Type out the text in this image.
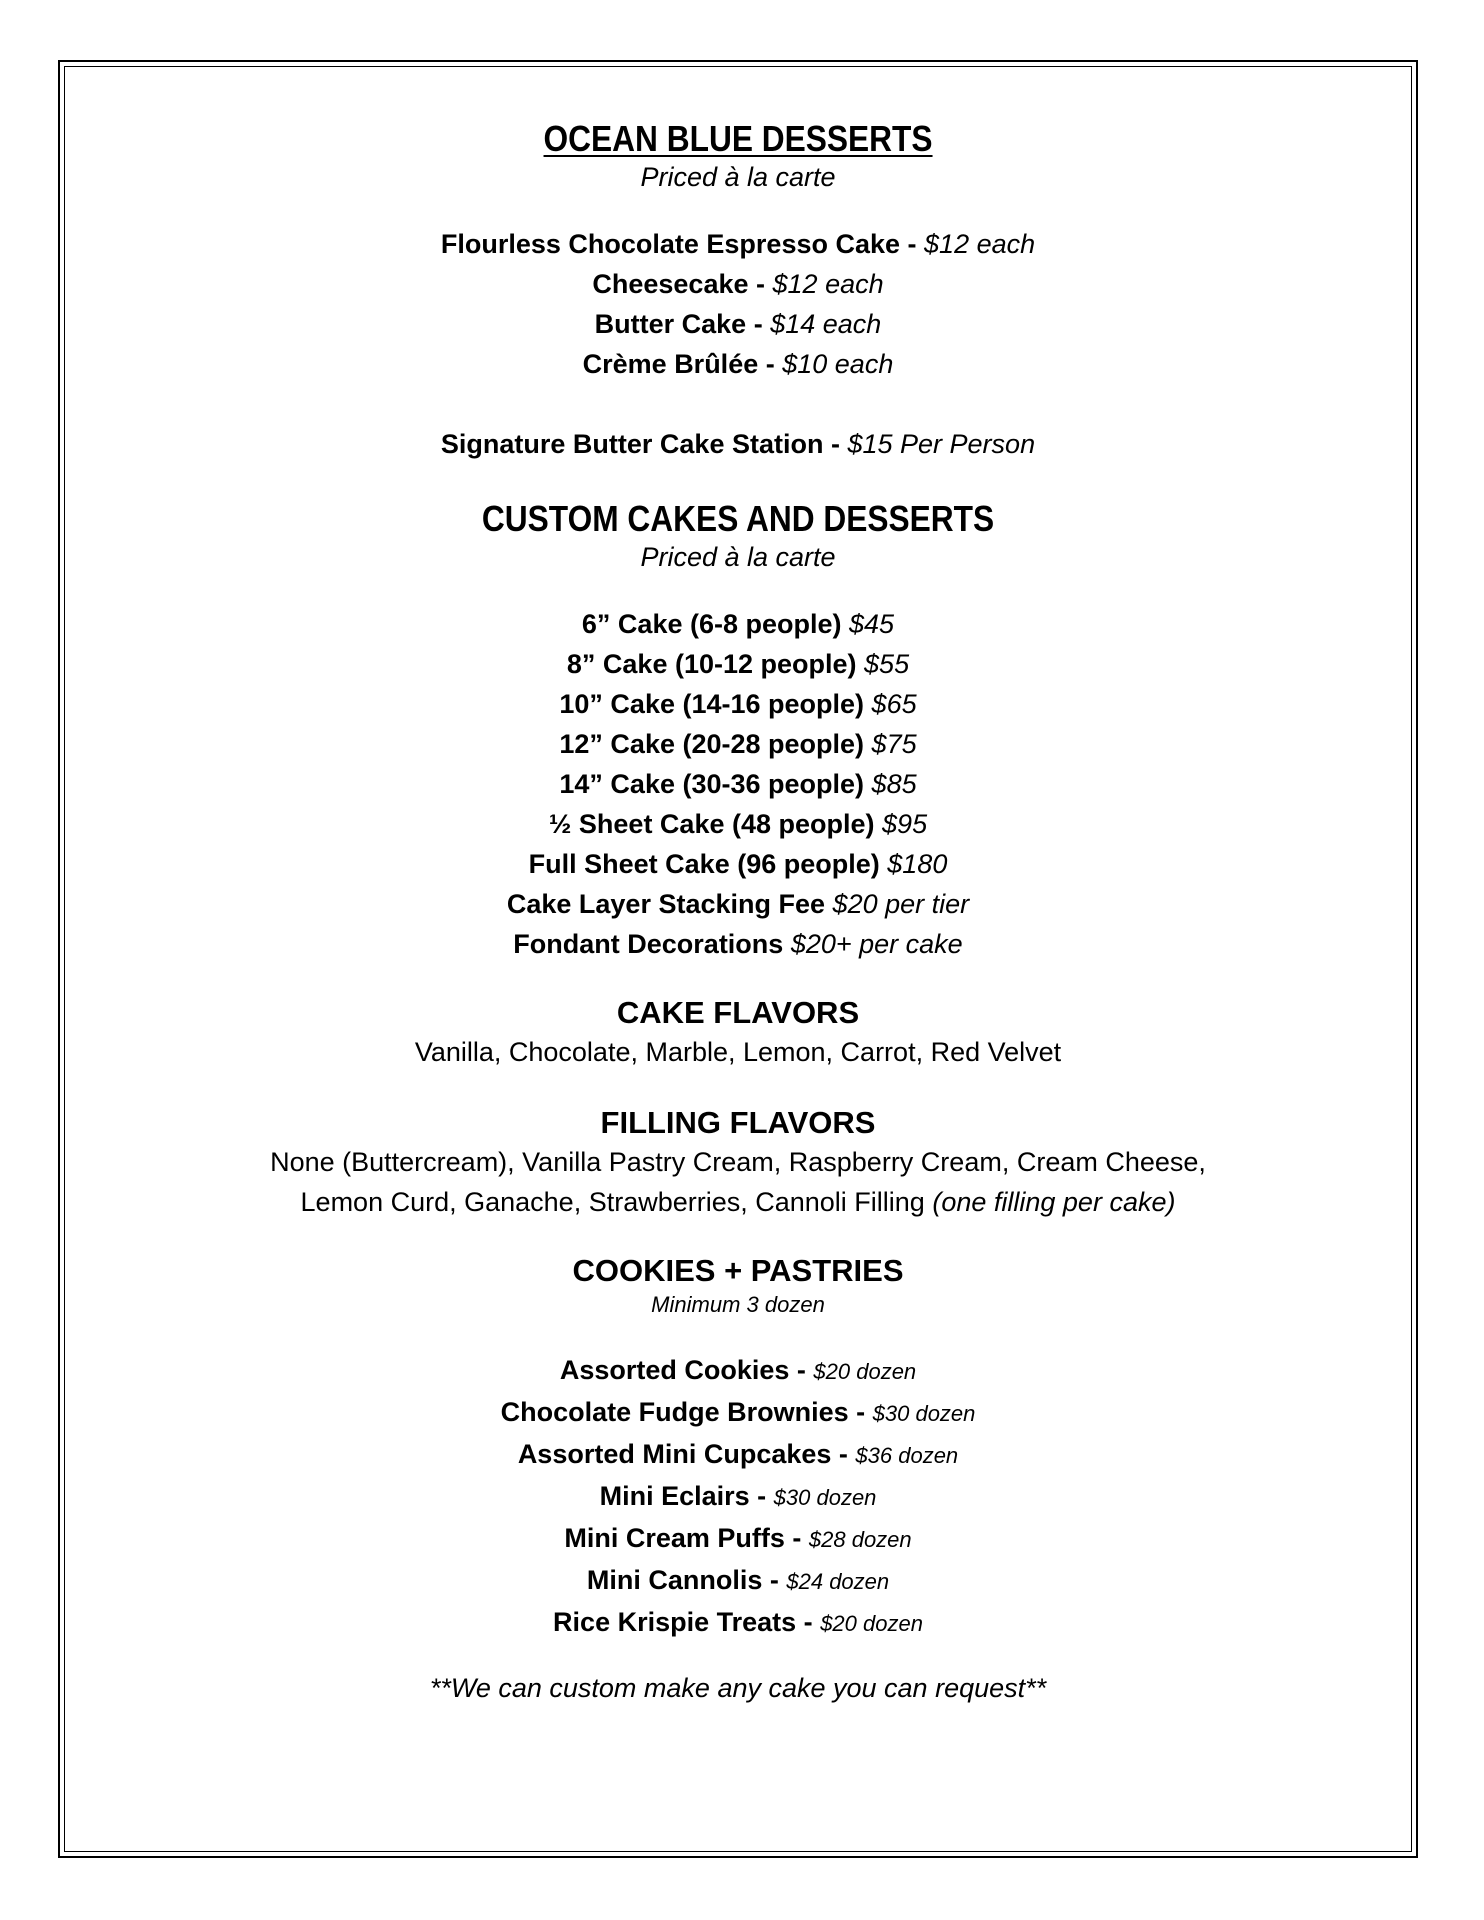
OCEAN BLUE DESSERTS

Priced à la carte

Flourless Chocolate Espresso Cake - $12 each

Cheesecake - $12 each

Butter Cake - $14 each

Crème Brûlée - $10 each

Signature Butter Cake Station - $15 Per Person

CUSTOM CAKES AND DESSERTS

Priced à la carte

6” Cake (6-8 people) $45

8” Cake (10-12 people) $55

10” Cake (14-16 people) $65

12” Cake (20-28 people) $75

14” Cake (30-36 people) $85

½ Sheet Cake (48 people) $95

Full Sheet Cake (96 people) $180

Cake Layer Stacking Fee $20 per tier

Fondant Decorations $20+ per cake

CAKE FLAVORS

Vanilla, Chocolate, Marble, Lemon, Carrot, Red Velvet

FILLING FLAVORS

None (Buttercream), Vanilla Pastry Cream, Raspberry Cream, Cream Cheese,

Lemon Curd, Ganache, Strawberries, Cannoli Filling (one filling per cake)

COOKIES + PASTRIES

Minimum 3 dozen

Assorted Cookies - $20 dozen

Chocolate Fudge Brownies - $30 dozen

Assorted Mini Cupcakes - $36 dozen

Mini Eclairs - $30 dozen

Mini Cream Puffs - $28 dozen

Mini Cannolis - $24 dozen

Rice Krispie Treats - $20 dozen

**We can custom make any cake you can request**
